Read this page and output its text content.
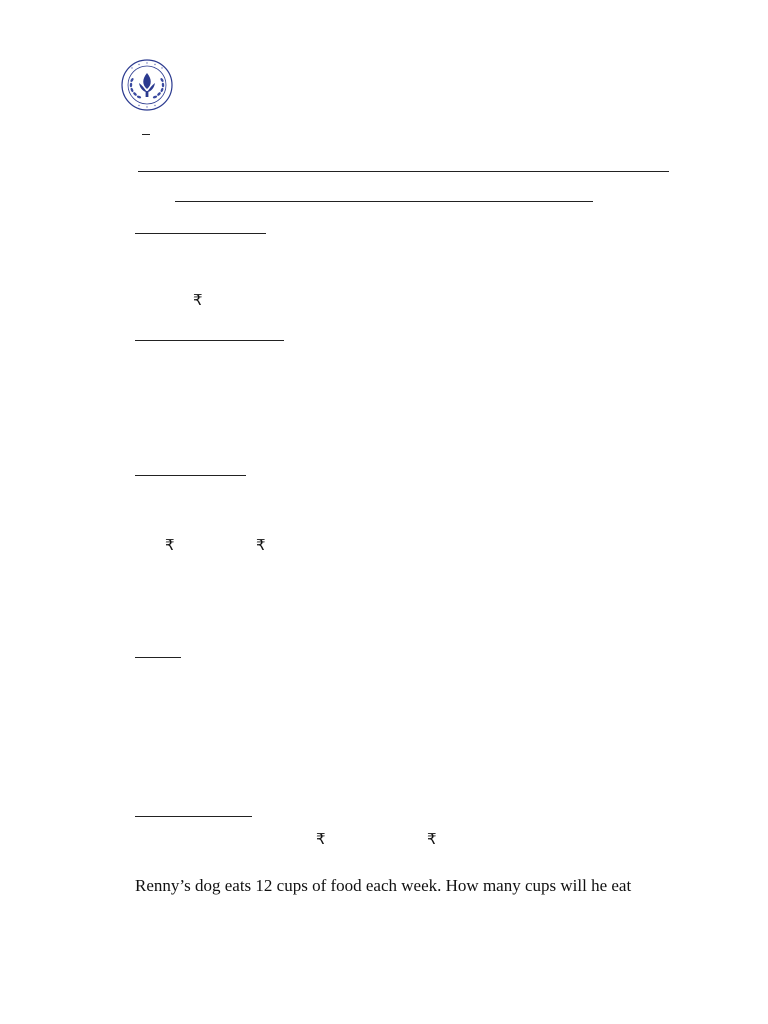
₹
₹	₹
₹	₹
Renny’s dog eats 12 cups of food each week. How many cups will he eat
